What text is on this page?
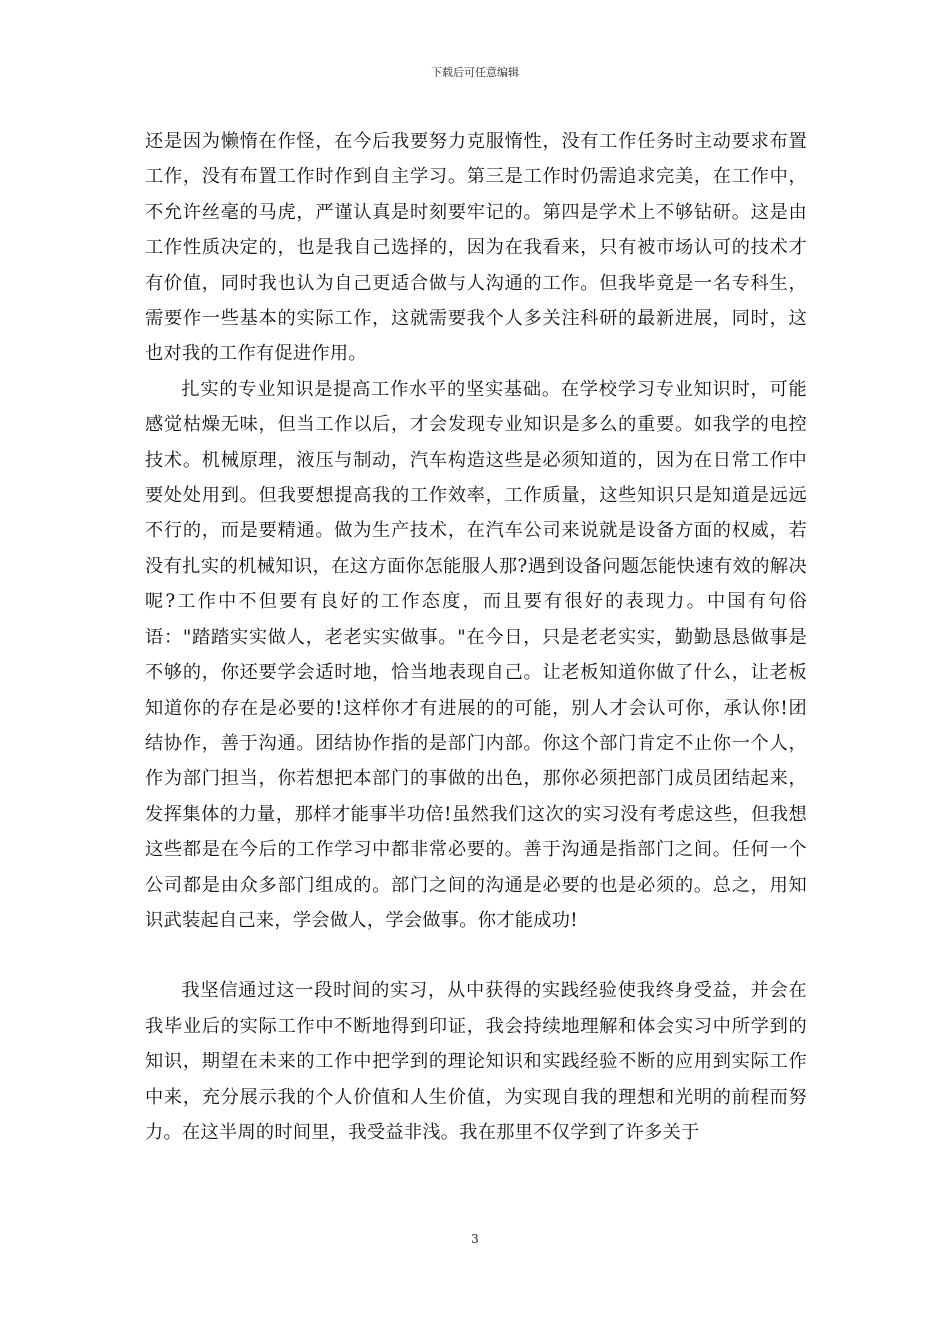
下载后可任意编辑

还是因为懒惰在作怪，在今后我要努力克服惰性，没有工作任务时主动要求布置工作，没有布置工作时作到自主学习。第三是工作时仍需追求完美，在工作中，不允许丝毫的马虎，严谨认真是时刻要牢记的。第四是学术上不够钻研。这是由工作性质决定的，也是我自己选择的，因为在我看来，只有被市场认可的技术才有价值，同时我也认为自己更适合做与人沟通的工作。但我毕竟是一名专科生，需要作一些基本的实际工作，这就需要我个人多关注科研的最新进展，同时，这也对我的工作有促进作用。

扎实的专业知识是提高工作水平的坚实基础。在学校学习专业知识时，可能感觉枯燥无味，但当工作以后，才会发现专业知识是多么的重要。如我学的电控技术。机械原理，液压与制动，汽车构造这些是必须知道的，因为在日常工作中要处处用到。但我要想提高我的工作效率，工作质量，这些知识只是知道是远远不行的，而是要精通。做为生产技术，在汽车公司来说就是设备方面的权威，若没有扎实的机械知识，在这方面你怎能服人那?遇到设备问题怎能快速有效的解决呢?工作中不但要有良好的工作态度，而且要有很好的表现力。中国有句俗语："踏踏实实做人，老老实实做事。"在今日，只是老老实实，勤勤恳恳做事是不够的，你还要学会适时地，恰当地表现自己。让老板知道你做了什么，让老板知道你的存在是必要的!这样你才有进展的的可能，别人才会认可你，承认你!团结协作，善于沟通。团结协作指的是部门内部。你这个部门肯定不止你一个人，作为部门担当，你若想把本部门的事做的出色，那你必须把部门成员团结起来，发挥集体的力量，那样才能事半功倍!虽然我们这次的实习没有考虑这些，但我想这些都是在今后的工作学习中都非常必要的。善于沟通是指部门之间。任何一个公司都是由众多部门组成的。部门之间的沟通是必要的也是必须的。总之，用知识武装起自己来，学会做人，学会做事。你才能成功!

我坚信通过这一段时间的实习，从中获得的实践经验使我终身受益，并会在我毕业后的实际工作中不断地得到印证，我会持续地理解和体会实习中所学到的知识，期望在未来的工作中把学到的理论知识和实践经验不断的应用到实际工作中来，充分展示我的个人价值和人生价值，为实现自我的理想和光明的前程而努力。在这半周的时间里，我受益非浅。我在那里不仅学到了许多关于

3
